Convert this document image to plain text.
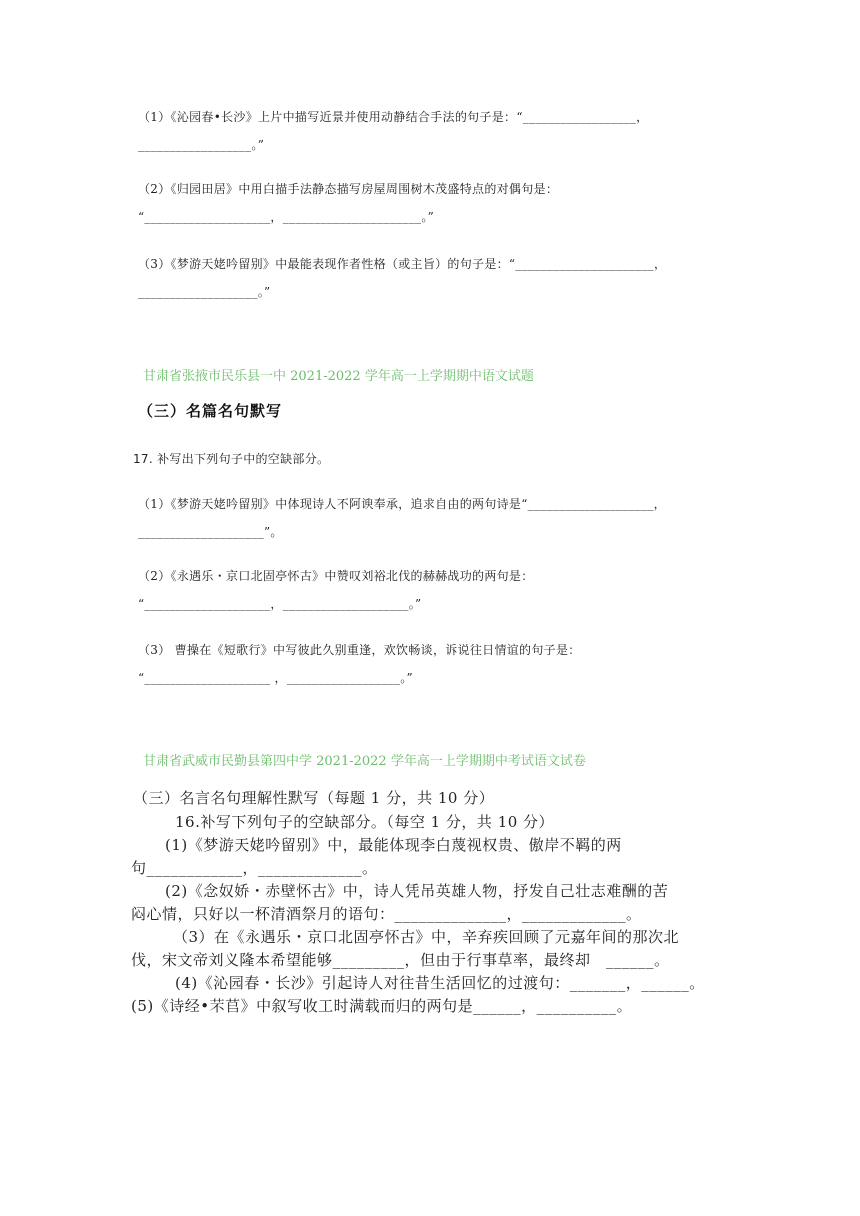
（1）《沁园春•长沙》上片中描写近景并使用动静结合手法的句子是：“__________________，
__________________。”
（2）《归园田居》中用白描手法静态描写房屋周围树木茂盛特点的对偶句是：
“____________________，______________________。”
（3）《梦游天姥吟留别》中最能表现作者性格（或主旨）的句子是：“______________________，
___________________。”
甘肃省张掖市民乐县一中 2021-2022 学年高一上学期期中语文试题
（三）名篇名句默写
17. 补写出下列句子中的空缺部分。
（1）《梦游天姥吟留别》中体现诗人不阿谀奉承，追求自由的两句诗是“____________________，
____________________”。
（2）《永遇乐・京口北固亭怀古》中赞叹刘裕北伐的赫赫战功的两句是：
“____________________，____________________。”
（3） 曹操在《短歌行》中写彼此久别重逢，欢饮畅谈，诉说往日情谊的句子是：
“____________________ ，__________________。”
甘肃省武威市民勤县第四中学 2021-2022 学年高一上学期期中考试语文试卷
（三）名言名句理解性默写（每题 1 分，共 10 分）
16.补写下列句子的空缺部分。（每空 1 分，共 10 分）
(1)《梦游天姥吟留别》中，最能体现李白蔑视权贵、傲岸不羁的两
句____________，_____________。
(2)《念奴娇・赤壁怀古》中，诗人凭吊英雄人物，抒发自己壮志难酬的苦
闷心情，只好以一杯清酒祭月的语句：______________，_____________。
（3）在《永遇乐・京口北固亭怀古》中，辛弃疾回顾了元嘉年间的那次北
伐，宋文帝刘义隆本希望能够_________，但由于行事草率，最终却　______。
(4)《沁园春・长沙》引起诗人对往昔生活回忆的过渡句：_______，______。
(5)《诗经•芣苢》中叙写收工时满载而归的两句是______，__________。
